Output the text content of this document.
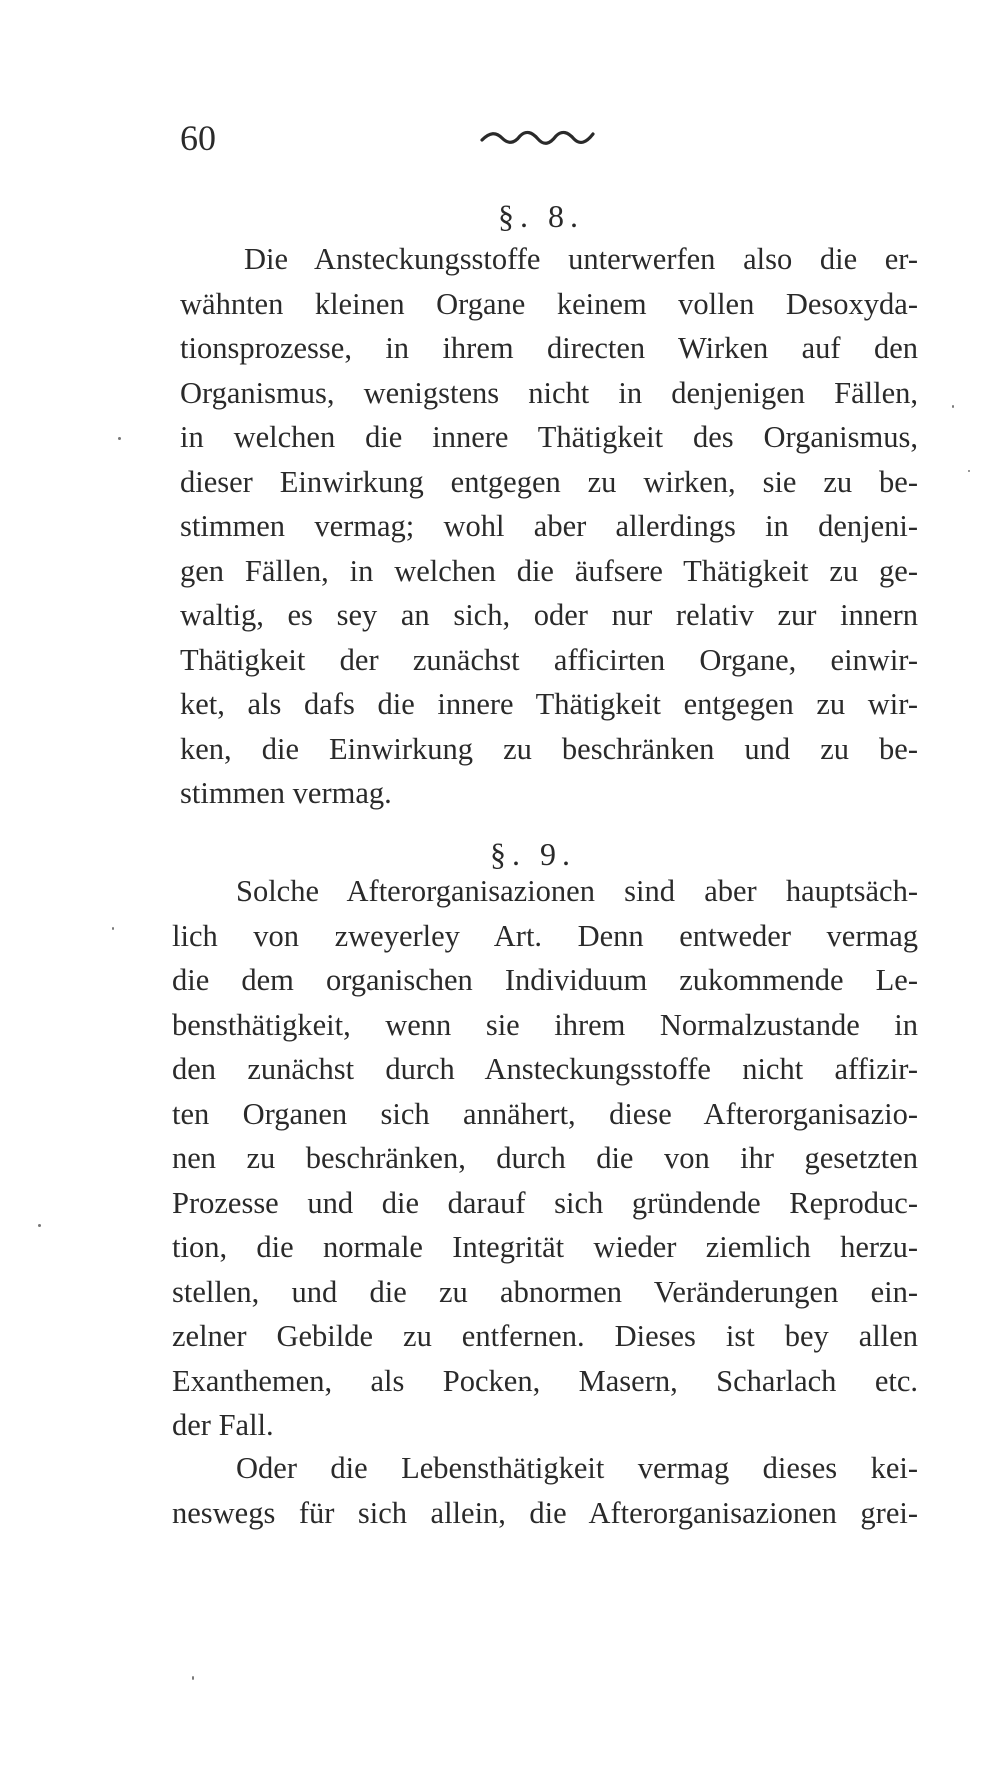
60
§. 8.
Die Ansteckungsstoffe unterwerfen also die er-
wähnten kleinen Organe keinem vollen Desoxyda-
tionsprozesse, in ihrem directen Wirken auf den
Organismus, wenigstens nicht in denjenigen Fällen,
in welchen die innere Thätigkeit des Organismus,
dieser Einwirkung entgegen zu wirken, sie zu be-
stimmen vermag; wohl aber allerdings in denjeni-
gen Fällen, in welchen die äufsere Thätigkeit zu ge-
waltig, es sey an sich, oder nur relativ zur innern
Thätigkeit der zunächst afficirten Organe, einwir-
ket, als dafs die innere Thätigkeit entgegen zu wir-
ken, die Einwirkung zu beschränken und zu be-
stimmen vermag.
§. 9.
Solche Afterorganisazionen sind aber hauptsäch-
lich von zweyerley Art. Denn entweder vermag
die dem organischen Individuum zukommende Le-
bensthätigkeit, wenn sie ihrem Normalzustande in
den zunächst durch Ansteckungsstoffe nicht affizir-
ten Organen sich annähert, diese Afterorganisazio-
nen zu beschränken, durch die von ihr gesetzten
Prozesse und die darauf sich gründende Reproduc-
tion, die normale Integrität wieder ziemlich herzu-
stellen, und die zu abnormen Veränderungen ein-
zelner Gebilde zu entfernen. Dieses ist bey allen
Exanthemen, als Pocken, Masern, Scharlach etc.
der Fall.
Oder die Lebensthätigkeit vermag dieses kei-
neswegs für sich allein, die Afterorganisazionen grei-
